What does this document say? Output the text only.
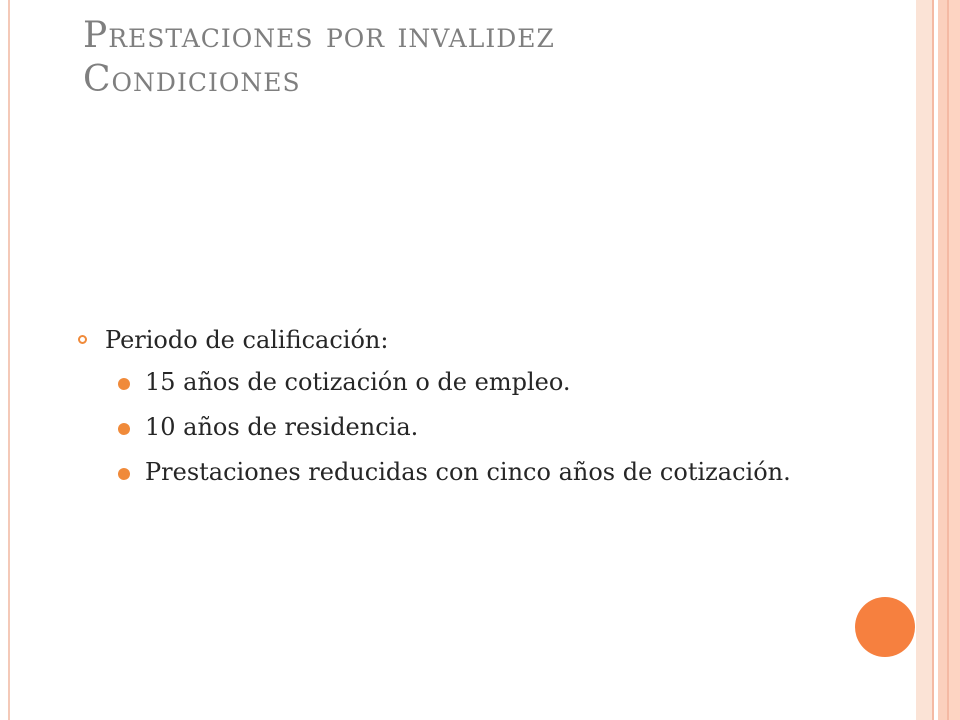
Prestaciones por invalidez
Condiciones
Periodo de calificación:
15 años de cotización o de empleo.
10 años de residencia.
Prestaciones reducidas con cinco años de cotización.
